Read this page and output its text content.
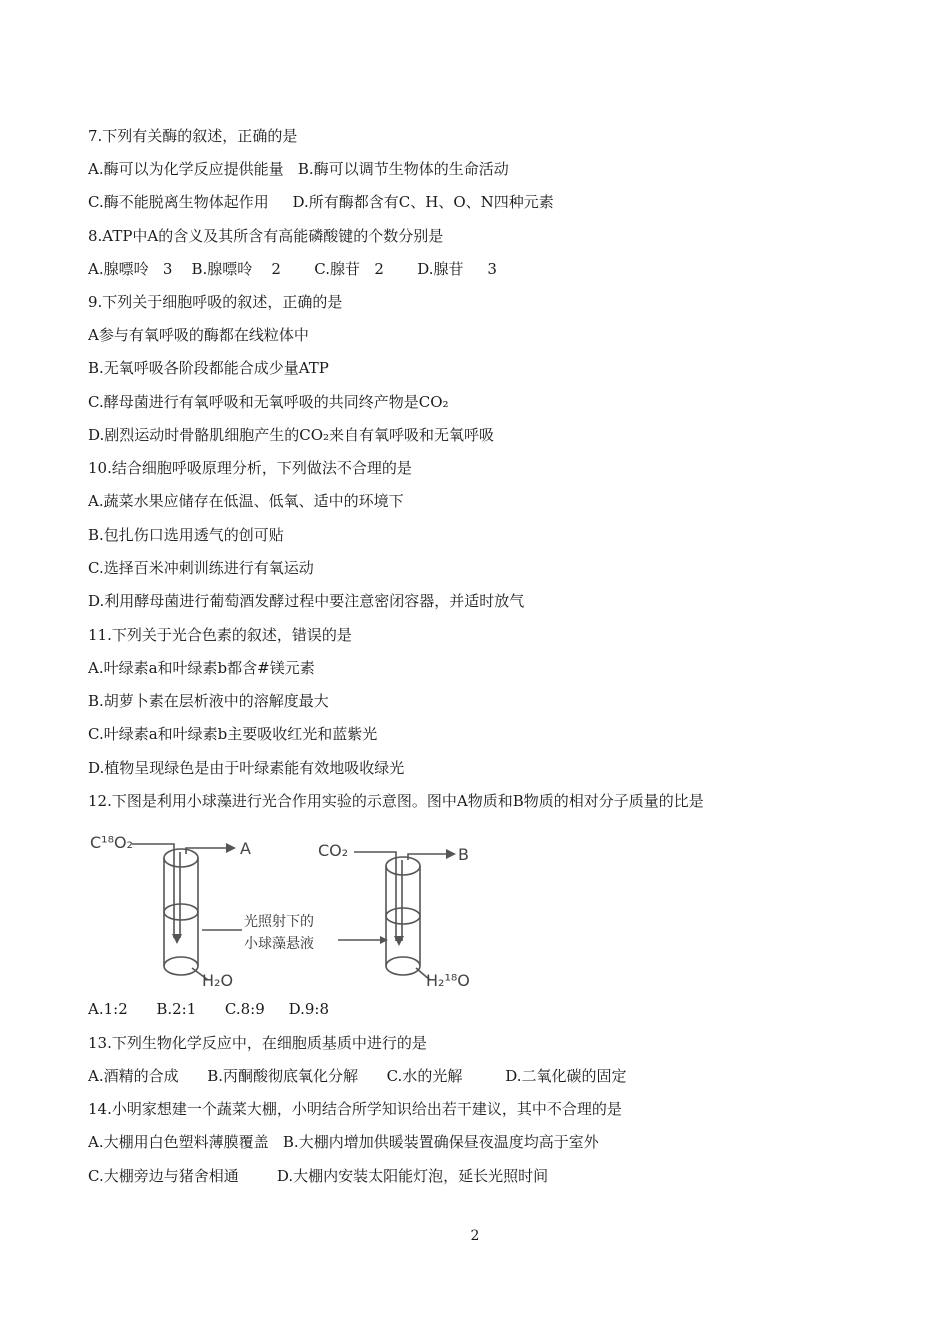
7.下列有关酶的叙述，正确的是
A.酶可以为化学反应提供能量   B.酶可以调节生物体的生命活动
C.酶不能脱离生物体起作用     D.所有酶都含有C、H、O、N四种元素
8.ATP中A的含义及其所含有高能磷酸键的个数分别是
A.腺嘌呤   3    B.腺嘌呤    2       C.腺苷   2       D.腺苷     3
9.下列关于细胞呼吸的叙述，正确的是
A参与有氧呼吸的酶都在线粒体中
B.无氧呼吸各阶段都能合成少量ATP
C.酵母菌进行有氧呼吸和无氧呼吸的共同终产物是CO₂
D.剧烈运动时骨骼肌细胞产生的CO₂来自有氧呼吸和无氧呼吸
10.结合细胞呼吸原理分析，下列做法不合理的是
A.蔬菜水果应储存在低温、低氧、适中的环境下
B.包扎伤口选用透气的创可贴
C.选择百米冲刺训练进行有氧运动
D.利用酵母菌进行葡萄酒发酵过程中要注意密闭容器，并适时放气
11.下列关于光合色素的叙述，错误的是
A.叶绿素a和叶绿素b都含#镁元素
B.胡萝卜素在层析液中的溶解度最大
C.叶绿素a和叶绿素b主要吸收红光和蓝紫光
D.植物呈现绿色是由于叶绿素能有效地吸收绿光
12.下图是利用小球藻进行光合作用实验的示意图。图中A物质和B物质的相对分子质量的比是
C¹⁸O₂	A
H₂O
CO₂	B
H₂¹⁸O
光照射下的
小球藻悬液
A.1:2      B.2:1      C.8:9     D.9:8
13.下列生物化学反应中，在细胞质基质中进行的是
A.酒精的合成      B.丙酮酸彻底氧化分解      C.水的光解         D.二氧化碳的固定
14.小明家想建一个蔬菜大棚，小明结合所学知识给出若干建议，其中不合理的是
A.大棚用白色塑料薄膜覆盖   B.大棚内增加供暖装置确保昼夜温度均高于室外
C.大棚旁边与猪舍相通        D.大棚内安装太阳能灯泡，延长光照时间
2
